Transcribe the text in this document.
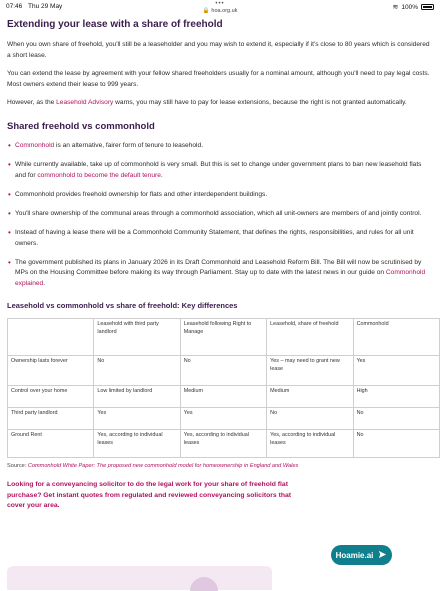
07:46 Thu 29 May	•••
🔒 hoa.org.uk	≋ 100%
Extending your lease with a share of freehold

When you own share of freehold, you'll still be a leaseholder and you may wish to extend it, especially if it's close to 80 years which is considered a short lease.

You can extend the lease by agreement with your fellow shared freeholders usually for a nominal amount, although you'll need to pay legal costs. Most owners extend their lease to 999 years.

However, as the Leasehold Advisory warns, you may still have to pay for lease extensions, because the right is not granted automatically.

Shared freehold vs commonhold
• Commonhold is an alternative, fairer form of tenure to leasehold.
• While currently available, take up of commonhold is very small. But this is set to change under government plans to ban new leasehold flats and for commonhold to become the default tenure.
• Commonhold provides freehold ownership for flats and other interdependent buildings.
• You'll share ownership of the communal areas through a commonhold association, which all unit-owners are members of and jointly control.
• Instead of having a lease there will be a Commonhold Community Statement, that defines the rights, responsibilities, and rules for all unit owners.
• The government published its plans in January 2026 in its Draft Commonhold and Leasehold Reform Bill. The Bill will now be scrutinised by MPs on the Housing Committee before making its way through Parliament. Stay up to date with the latest news in our guide on Commonhold explained.
Leasehold vs commonhold vs share of freehold: Key differences
	Leasehold with third party landlord	Leasehold following Right to Manage	Leasehold, share of freehold	Commonhold
Ownership lasts forever	No	No	Yes – may need to grant new lease	Yes
Control over your home	Low limited by landlord	Medium	Medium	High
Third party landlord	Yes	Yes	No	No
Ground Rent	Yes, according to individual leases	Yes, according to individual leases	Yes, according to individual leases	No
Source: Commonhold White Paper: The proposed new commonhold model for homeownership in England and Wales

Looking for a conveyancing solicitor to do the legal work for your share of freehold flat purchase? Get instant quotes from regulated and reviewed conveyancing solicitors that cover your area.

Hoamie.ai
